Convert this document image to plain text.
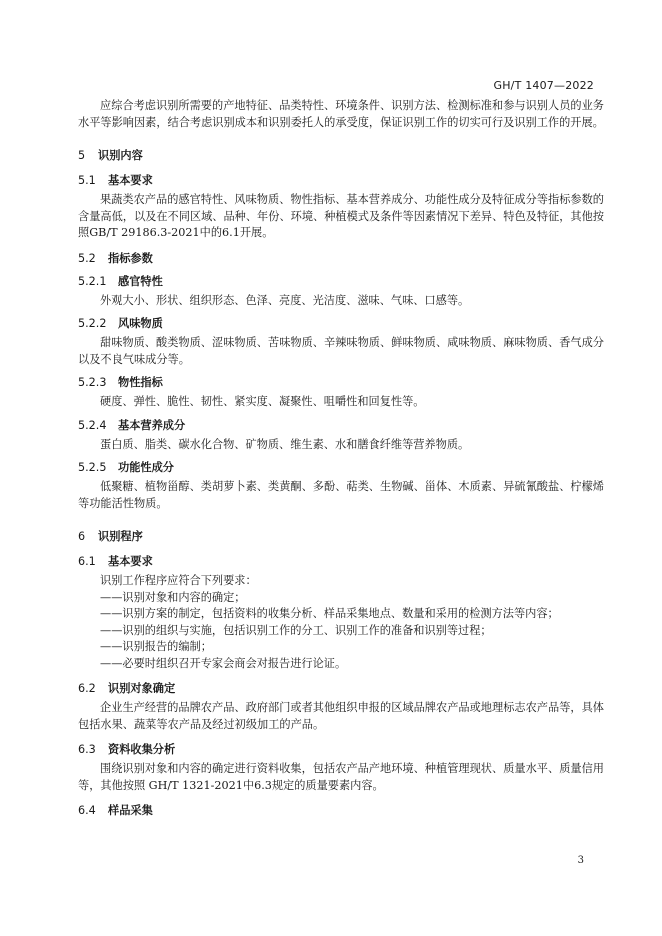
GH/T 1407—2022

应综合考虑识别所需要的产地特征、品类特性、环境条件、识别方法、检测标准和参与识别人员的业务水平等影响因素，结合考虑识别成本和识别委托人的承受度，保证识别工作的切实可行及识别工作的开展。

5 识别内容
5.1 基本要求

果蔬类农产品的感官特性、风味物质、物性指标、基本营养成分、功能性成分及特征成分等指标参数的含量高低，以及在不同区域、品种、年份、环境、种植模式及条件等因素情况下差异、特色及特征，其他按照GB/T 29186.3-2021中的6.1开展。

5.2 指标参数
5.2.1 感官特性

外观大小、形状、组织形态、色泽、亮度、光洁度、滋味、气味、口感等。

5.2.2 风味物质

甜味物质、酸类物质、涩味物质、苦味物质、辛辣味物质、鲜味物质、咸味物质、麻味物质、香气成分以及不良气味成分等。

5.2.3 物性指标

硬度、弹性、脆性、韧性、紧实度、凝聚性、咀嚼性和回复性等。

5.2.4 基本营养成分

蛋白质、脂类、碳水化合物、矿物质、维生素、水和膳食纤维等营养物质。

5.2.5 功能性成分

低聚糖、植物甾醇、类胡萝卜素、类黄酮、多酚、萜类、生物碱、甾体、木质素、异硫氰酸盐、柠檬烯等功能活性物质。

6 识别程序
6.1 基本要求

识别工作程序应符合下列要求：

——识别对象和内容的确定；

——识别方案的制定，包括资料的收集分析、样品采集地点、数量和采用的检测方法等内容；

——识别的组织与实施，包括识别工作的分工、识别工作的准备和识别等过程；

——识别报告的编制；

——必要时组织召开专家会商会对报告进行论证。

6.2 识别对象确定

企业生产经营的品牌农产品、政府部门或者其他组织申报的区域品牌农产品或地理标志农产品等，具体包括水果、蔬菜等农产品及经过初级加工的产品。

6.3 资料收集分析

围绕识别对象和内容的确定进行资料收集，包括农产品产地环境、种植管理现状、质量水平、质量信用等，其他按照 GH/T 1321-2021中6.3规定的质量要素内容。

6.4 样品采集
3
